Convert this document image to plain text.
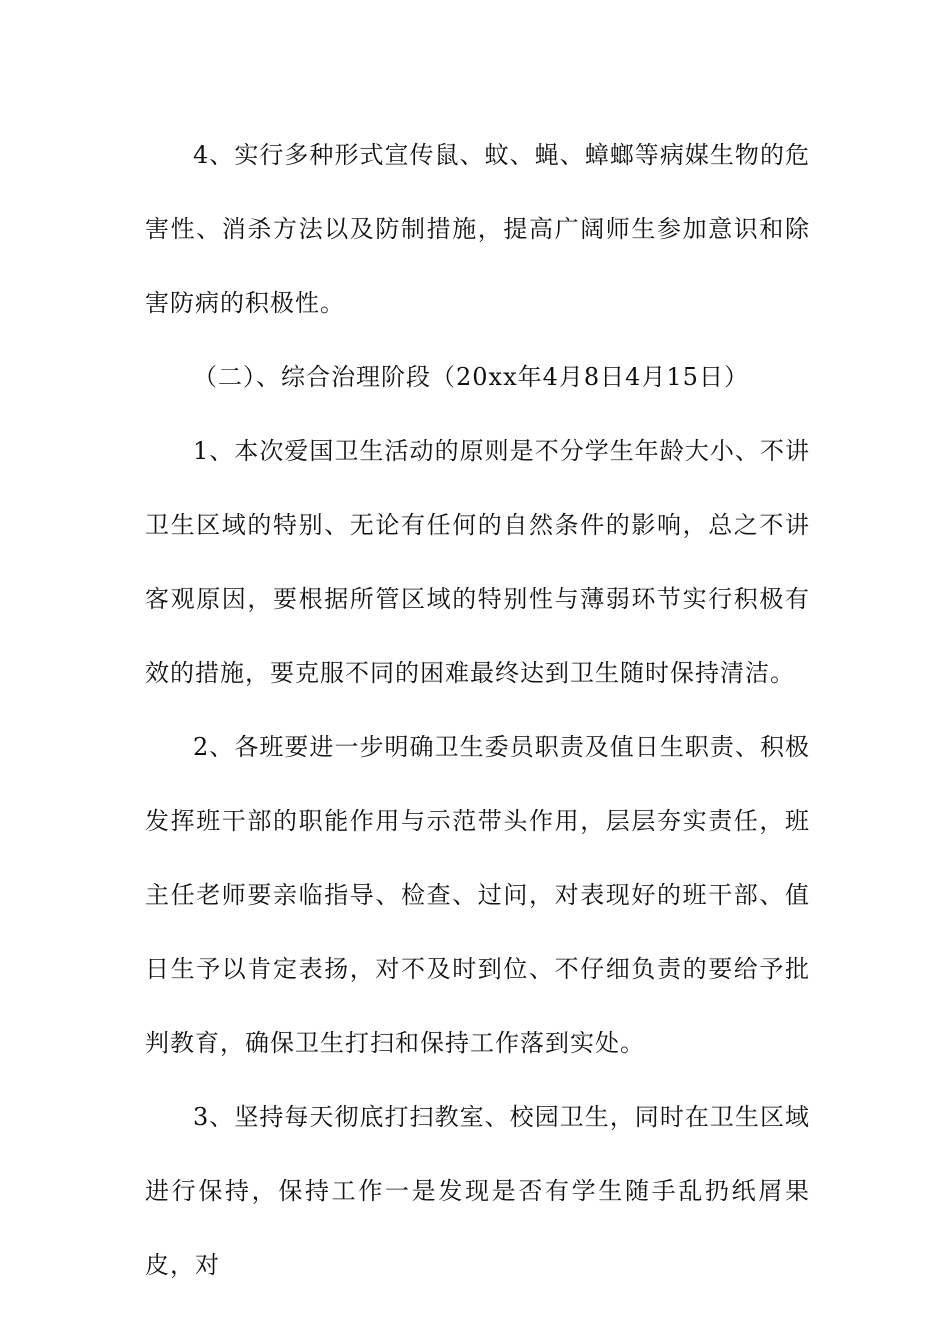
4、实行多种形式宣传鼠、蚊、蝇、蟑螂等病媒生物的危害性、消杀方法以及防制措施，提高广阔师生参加意识和除害防病的积极性。

（二）、综合治理阶段（20xx年4月8日4月15日）

1、本次爱国卫生活动的原则是不分学生年龄大小、不讲卫生区域的特别、无论有任何的自然条件的影响，总之不讲客观原因，要根据所管区域的特别性与薄弱环节实行积极有效的措施，要克服不同的困难最终达到卫生随时保持清洁。

2、各班要进一步明确卫生委员职责及值日生职责、积极发挥班干部的职能作用与示范带头作用，层层夯实责任，班主任老师要亲临指导、检查、过问，对表现好的班干部、值日生予以肯定表扬，对不及时到位、不仔细负责的要给予批判教育，确保卫生打扫和保持工作落到实处。

3、坚持每天彻底打扫教室、校园卫生，同时在卫生区域进行保持，保持工作一是发现是否有学生随手乱扔纸屑果皮，对
